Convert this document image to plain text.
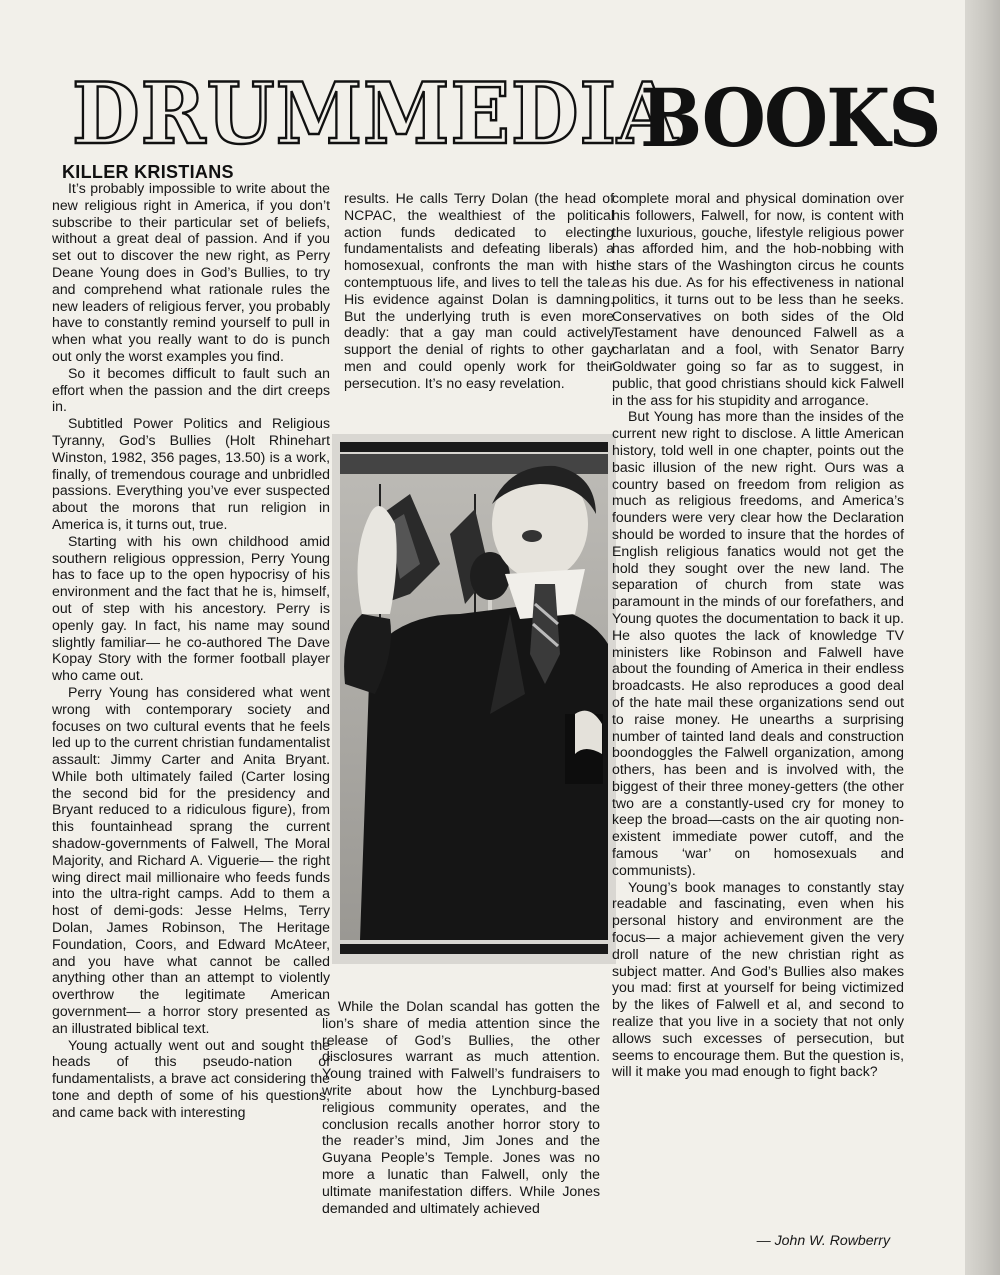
DRUMMEDIA
BOOKS
KILLER KRISTIANS

It’s probably impossible to write about the new religious right in America, if you don’t subscribe to their particular set of beliefs, without a great deal of passion. And if you set out to discover the new right, as Perry Deane Young does in God’s Bullies, to try and comprehend what rationale rules the new leaders of religious ferver, you probably have to constantly remind yourself to pull in when what you really want to do is punch out only the worst examples you find.

So it becomes difficult to fault such an effort when the passion and the dirt creeps in.

Subtitled Power Politics and Religious Tyranny, God’s Bullies (Holt Rhinehart Winston, 1982, 356 pages, 13.50) is a work, finally, of tremendous courage and unbridled passions. Everything you’ve ever suspected about the morons that run religion in America is, it turns out, true.

Starting with his own childhood amid southern religious oppression, Perry Young has to face up to the open hypocrisy of his environment and the fact that he is, himself, out of step with his ancestory. Perry is openly gay. In fact, his name may sound slightly familiar— he co-authored The Dave Kopay Story with the former football player who came out.

Perry Young has considered what went wrong with contemporary society and focuses on two cultural events that he feels led up to the current christian fundamentalist assault: Jimmy Carter and Anita Bryant. While both ultimately failed (Carter losing the second bid for the presidency and Bryant reduced to a ridiculous figure), from this fountainhead sprang the current shadow-governments of Falwell, The Moral Majority, and Richard A. Viguerie— the right wing direct mail millionaire who feeds funds into the ultra-right camps. Add to them a host of demi-gods: Jesse Helms, Terry Dolan, James Robinson, The Heritage Foundation, Coors, and Edward McAteer, and you have what cannot be called anything other than an attempt to violently overthrow the legitimate American government— a horror story presented as an illustrated biblical text.

Young actually went out and sought the heads of this pseudo-nation of fundamentalists, a brave act considering the tone and depth of some of his questions, and came back with interesting

results. He calls Terry Dolan (the head of NCPAC, the wealthiest of the political action funds dedicated to electing fundamentalists and defeating liberals) a homosexual, confronts the man with his contemptuous life, and lives to tell the tale. His evidence against Dolan is damning. But the underlying truth is even more deadly: that a gay man could actively support the denial of rights to other gay men and could openly work for their persecution. It’s no easy revelation.

While the Dolan scandal has gotten the lion’s share of media attention since the release of God’s Bullies, the other disclosures warrant as much attention. Young trained with Falwell’s fundraisers to write about how the Lynchburg-based religious community operates, and the conclusion recalls another horror story to the reader’s mind, Jim Jones and the Guyana People’s Temple. Jones was no more a lunatic than Falwell, only the ultimate manifestation differs. While Jones demanded and ultimately achieved

complete moral and physical domination over his followers, Falwell, for now, is content with the luxurious, gouche, lifestyle religious power has afforded him, and the hob-nobbing with the stars of the Washington circus he counts as his due. As for his effectiveness in national politics, it turns out to be less than he seeks. Conservatives on both sides of the Old Testament have denounced Falwell as a charlatan and a fool, with Senator Barry Goldwater going so far as to suggest, in public, that good christians should kick Falwell in the ass for his stupidity and arrogance.

But Young has more than the insides of the current new right to disclose. A little American history, told well in one chapter, points out the basic illusion of the new right. Ours was a country based on freedom from religion as much as religious freedoms, and America’s founders were very clear how the Declaration should be worded to insure that the hordes of English religious fanatics would not get the hold they sought over the new land. The separation of church from state was paramount in the minds of our forefathers, and Young quotes the documentation to back it up. He also quotes the lack of knowledge TV ministers like Robinson and Falwell have about the founding of America in their endless broadcasts. He also reproduces a good deal of the hate mail these organizations send out to raise money. He unearths a surprising number of tainted land deals and construction boondoggles the Falwell organization, among others, has been and is involved with, the biggest of their three money-getters (the other two are a constantly-used cry for money to keep the broad—casts on the air quoting non-existent immediate power cutoff, and the famous ‘war’ on homosexuals and communists).

Young’s book manages to constantly stay readable and fascinating, even when his personal history and environment are the focus— a major achievement given the very droll nature of the new christian right as subject matter. And God’s Bullies also makes you mad: first at yourself for being victimized by the likes of Falwell et al, and second to realize that you live in a society that not only allows such excesses of persecution, but seems to encourage them. But the question is, will it make you mad enough to fight back?

— John W. Rowberry
